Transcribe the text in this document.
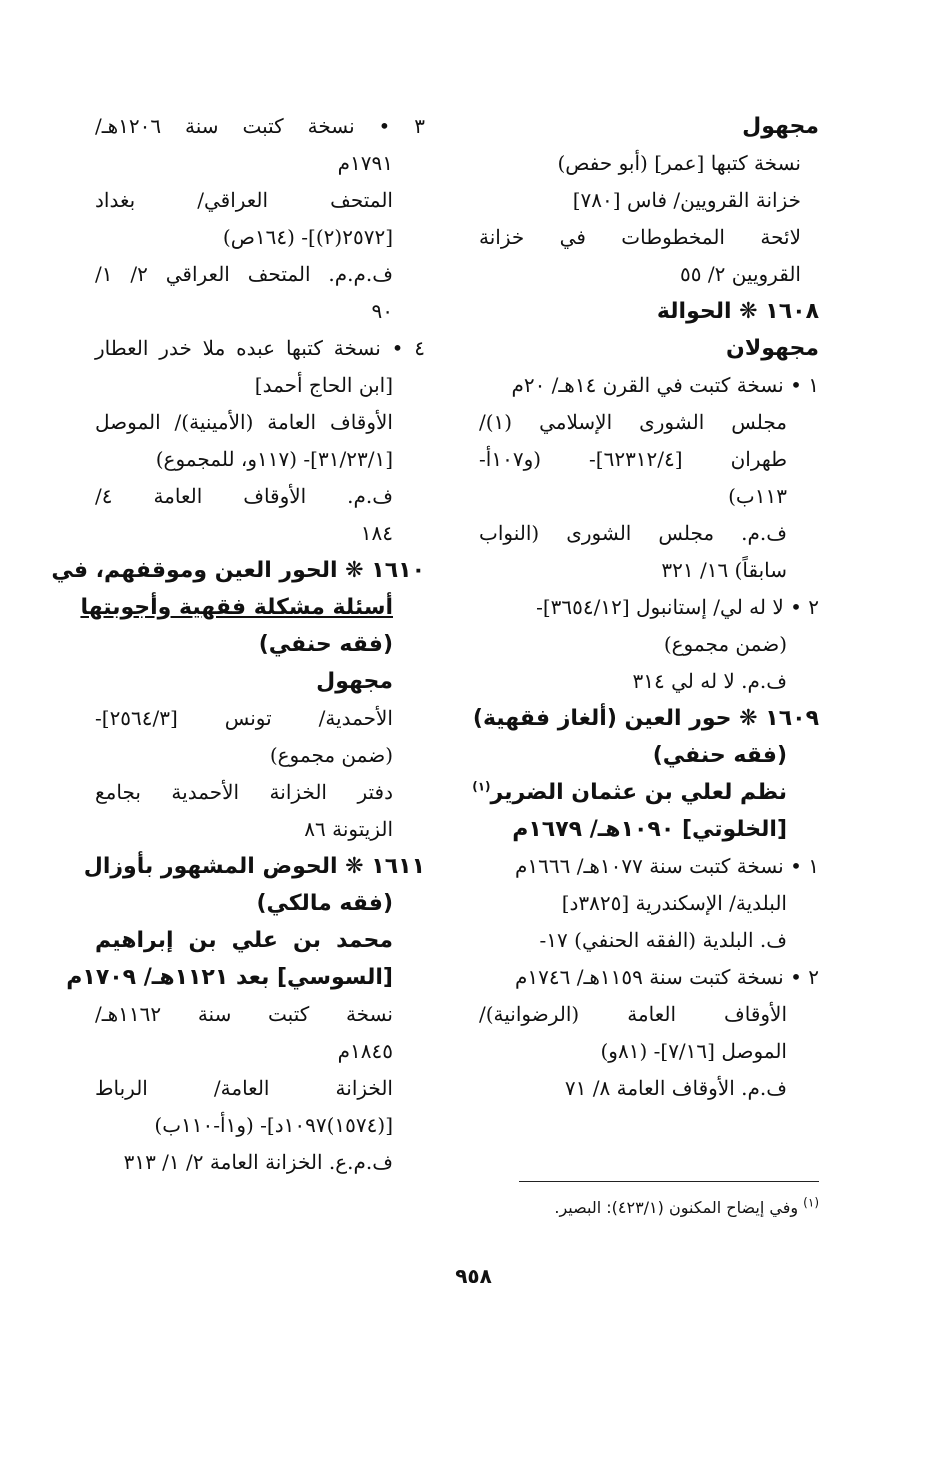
مجهول
نسخة كتبها [عمر] (أبو حفص)
خزانة القرويين/ فاس [٧٨٠]
لائحة المخطوطات في خزانة
القرويين ٢/ ٥٥
١٦٠٨ ❋ الحوالة
مجهولان
١ • نسخة كتبت في القرن ١٤هـ/ ٢٠م
مجلس الشورى الإسلامي (١)/
طهران [٦٢٣١٢/٤]- (و١٠٧أ-
١١٣ب)
ف.م. مجلس الشورى (النواب
سابقاً) ١٦/ ٣٢١
٢ • لا له لي/ إستانبول [٣٦٥٤/١٢]-
(ضمن مجموع)
ف.م. لا له لي ٣١٤
١٦٠٩ ❋ حور العين (ألغاز فقهية)
(فقه حنفي)
نظم لعلي بن عثمان الضرير$^{(١)}$
[الخلوتي] ١٠٩٠هـ/ ١٦٧٩م
١ • نسخة كتبت سنة ١٠٧٧هـ/ ١٦٦٦م
البلدية/ الإسكندرية [٣٨٢٥د]
ف. البلدية (الفقه الحنفي) ١٧-
٢ • نسخة كتبت سنة ١١٥٩هـ/ ١٧٤٦م
الأوقاف العامة (الرضوانية)/
الموصل [٧/١٦]- (٨١و)
ف.م. الأوقاف العامة ٨/ ٧١
٣ • نسخة كتبت سنة ١٢٠٦هـ/
١٧٩١م
المتحف العراقي/ بغداد
[٢٥٧٢(٢)]- (١٦٤ص)
ف.م.م. المتحف العراقي ٢/ ١/
٩٠
٤ • نسخة كتبها عبده ملا خدر العطار
[ابن الحاج أحمد]
الأوقاف العامة (الأمينية)/ الموصل
[٣١/٢٣/١]- (١١٧و، للمجموع)
ف.م. الأوقاف العامة ٤/
١٨٤
١٦١٠ ❋ الحور العين وموقفهم، في
أسئلة مشكلة فقهية وأجوبتها
(فقه حنفي)
مجهول
الأحمدية/ تونس [٢٥٦٤/٣]-
(ضمن مجموع)
دفتر الخزانة الأحمدية بجامع
الزيتونة ٨٦
١٦١١ ❋ الحوض المشهور بأوزال
(فقه مالكي)
محمد بن علي بن إبراهيم
[السوسي] بعد ١١٢١هـ/ ١٧٠٩م
نسخة كتبت سنة ١١٦٢هـ/
١٨٤٥م
الخزانة العامة/ الرباط
[(١٥٧٤)١٠٩٧د]- (و١أ-١١٠ب)
ف.م.ع. الخزانة العامة ٢/ ١/ ٣١٣
$^{(١)}$ وفي إيضاح المكنون (٤٢٣/١): البصير.
٩٥٨
